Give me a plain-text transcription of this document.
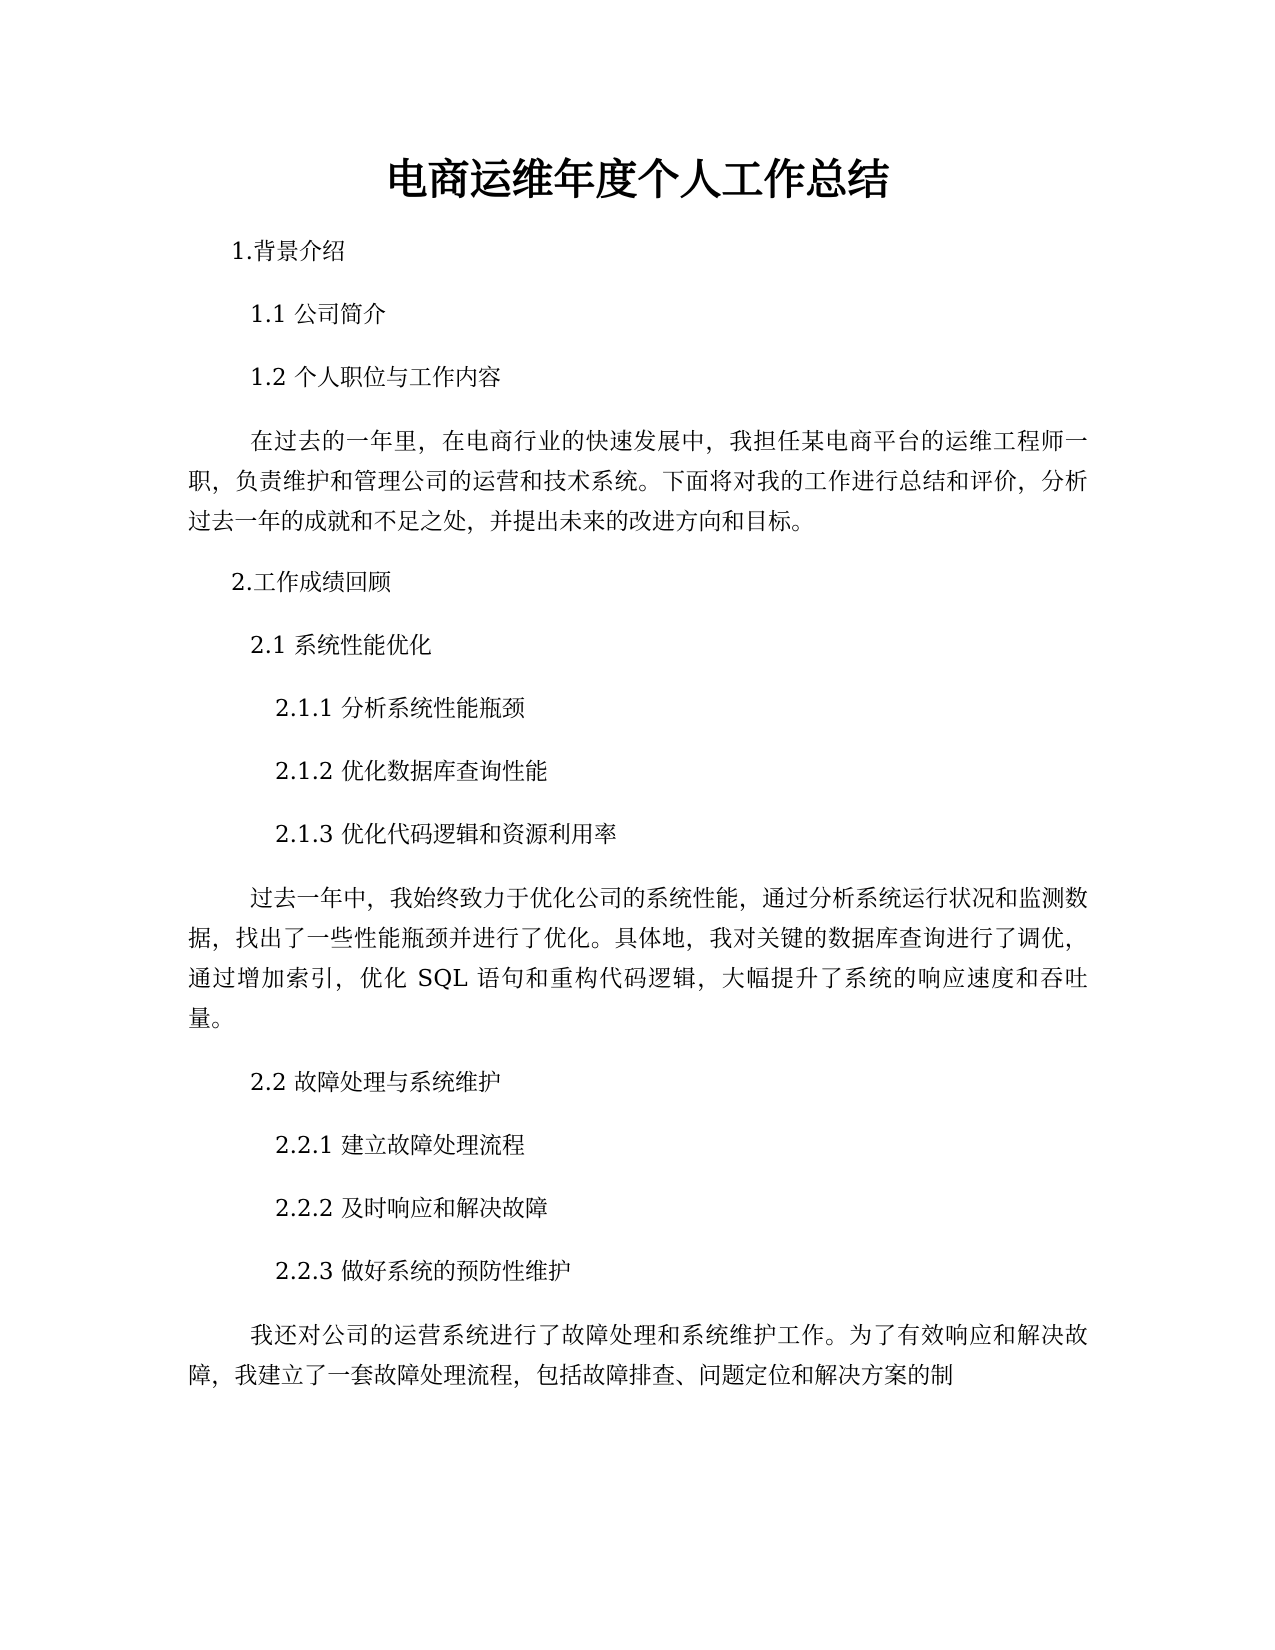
电商运维年度个人工作总结
1.背景介绍
1.1 公司简介
1.2 个人职位与工作内容
在过去的一年里，在电商行业的快速发展中，我担任某电商平台的运维工程师一职，负责维护和管理公司的运营和技术系统。下面将对我的工作进行总结和评价，分析过去一年的成就和不足之处，并提出未来的改进方向和目标。
2.工作成绩回顾
2.1 系统性能优化
2.1.1 分析系统性能瓶颈
2.1.2 优化数据库查询性能
2.1.3 优化代码逻辑和资源利用率
过去一年中，我始终致力于优化公司的系统性能，通过分析系统运行状况和监测数据，找出了一些性能瓶颈并进行了优化。具体地，我对关键的数据库查询进行了调优，通过增加索引，优化 SQL 语句和重构代码逻辑，大幅提升了系统的响应速度和吞吐量。
2.2 故障处理与系统维护
2.2.1 建立故障处理流程
2.2.2 及时响应和解决故障
2.2.3 做好系统的预防性维护
我还对公司的运营系统进行了故障处理和系统维护工作。为了有效响应和解决故障，我建立了一套故障处理流程，包括故障排查、问题定位和解决方案的制
